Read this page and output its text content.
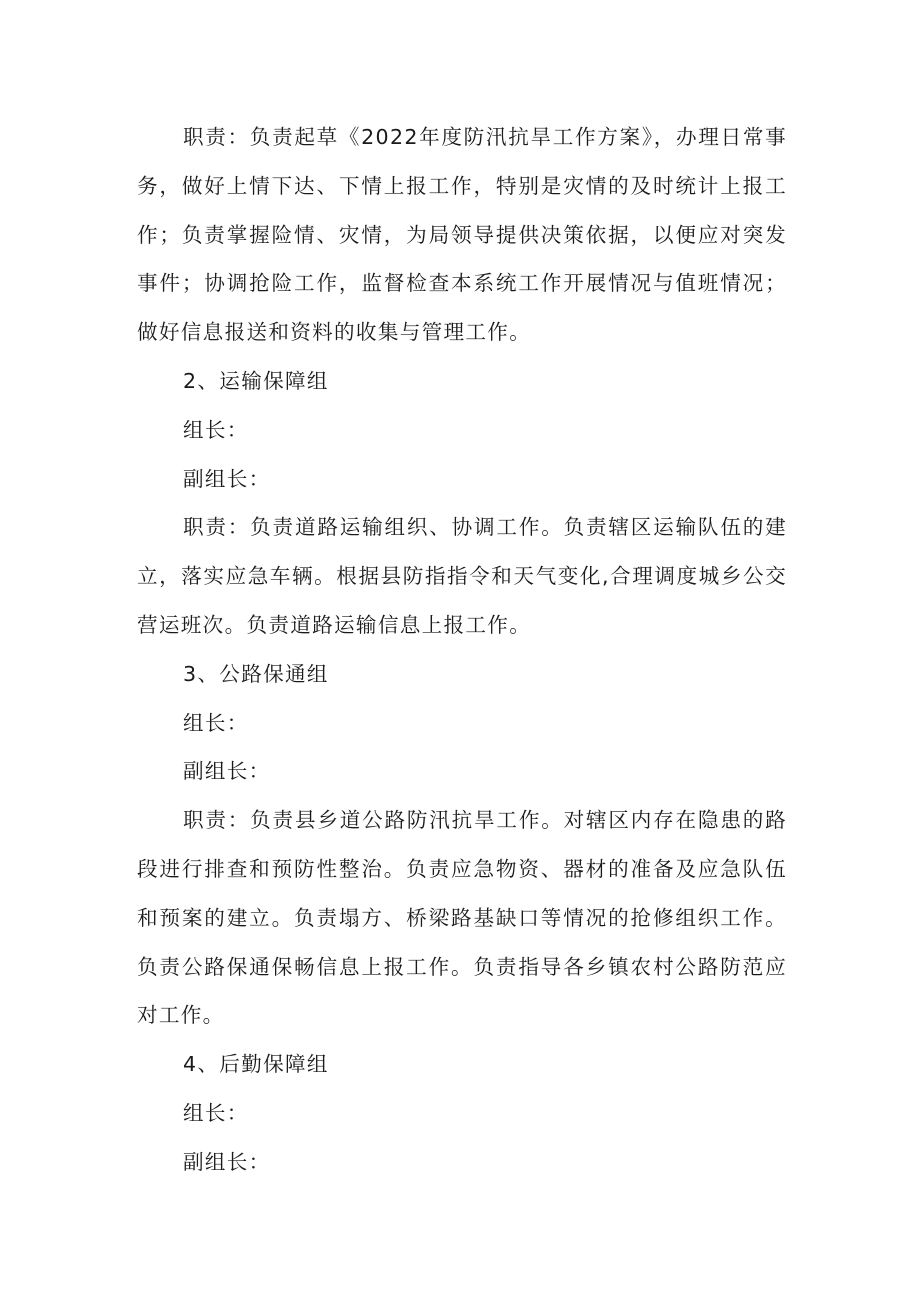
职责：负责起草《2022年度防汛抗旱工作方案》，办理日常事务，做好上情下达、下情上报工作，特别是灾情的及时统计上报工作；负责掌握险情、灾情，为局领导提供决策依据，以便应对突发事件；协调抢险工作，监督检查本系统工作开展情况与值班情况；做好信息报送和资料的收集与管理工作。

2、运输保障组

组长：

副组长：

职责：负责道路运输组织、协调工作。负责辖区运输队伍的建立，落实应急车辆。根据县防指指令和天气变化,合理调度城乡公交营运班次。负责道路运输信息上报工作。

3、公路保通组

组长：

副组长：

职责：负责县乡道公路防汛抗旱工作。对辖区内存在隐患的路段进行排查和预防性整治。负责应急物资、器材的准备及应急队伍和预案的建立。负责塌方、桥梁路基缺口等情况的抢修组织工作。负责公路保通保畅信息上报工作。负责指导各乡镇农村公路防范应对工作。

4、后勤保障组

组长：

副组长：
